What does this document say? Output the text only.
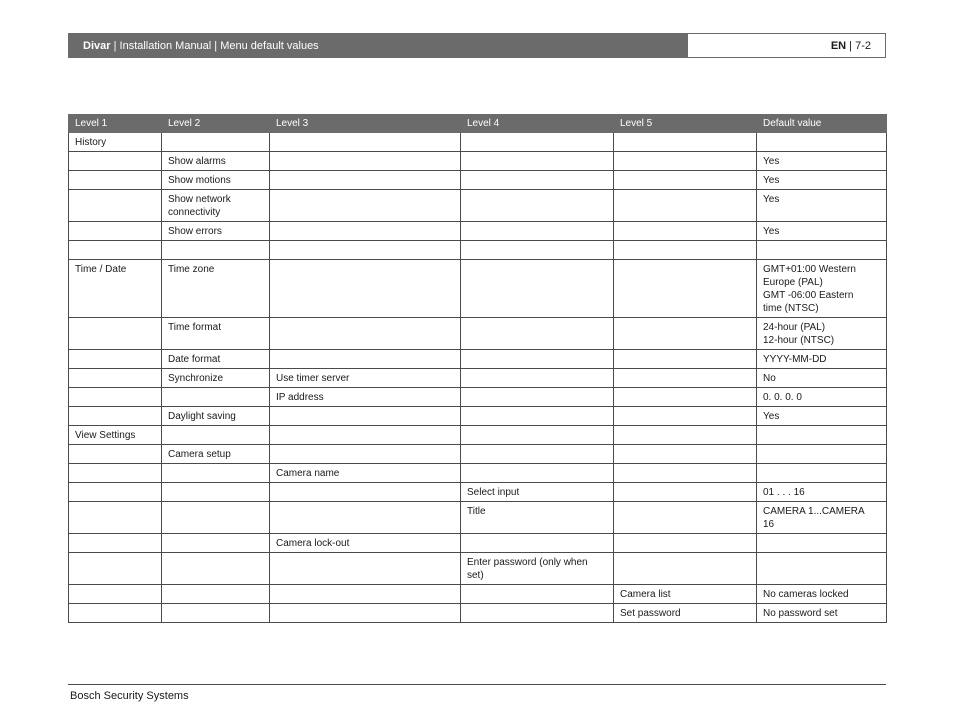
Divar | Installation Manual | Menu default values	EN | 7-2
Level 1	Level 2	Level 3	Level 4	Level 5	Default value
History					
	Show alarms				Yes
	Show motions				Yes
	Show network
connectivity				Yes
	Show errors				Yes

Time / Date	Time zone				GMT+01:00 Western
Europe (PAL)
GMT -06:00 Eastern
time (NTSC)
	Time format				24-hour (PAL)
12-hour (NTSC)
	Date format				YYYY-MM-DD
	Synchronize	Use timer server			No
		IP address			0. 0. 0. 0
	Daylight saving				Yes
View Settings					
	Camera setup				
		Camera name			
			Select input		01 . . . 16
			Title		CAMERA 1...CAMERA
16
		Camera lock-out			
			Enter password (only when
set)		
				Camera list	No cameras locked
				Set password	No password set
Bosch Security Systems
